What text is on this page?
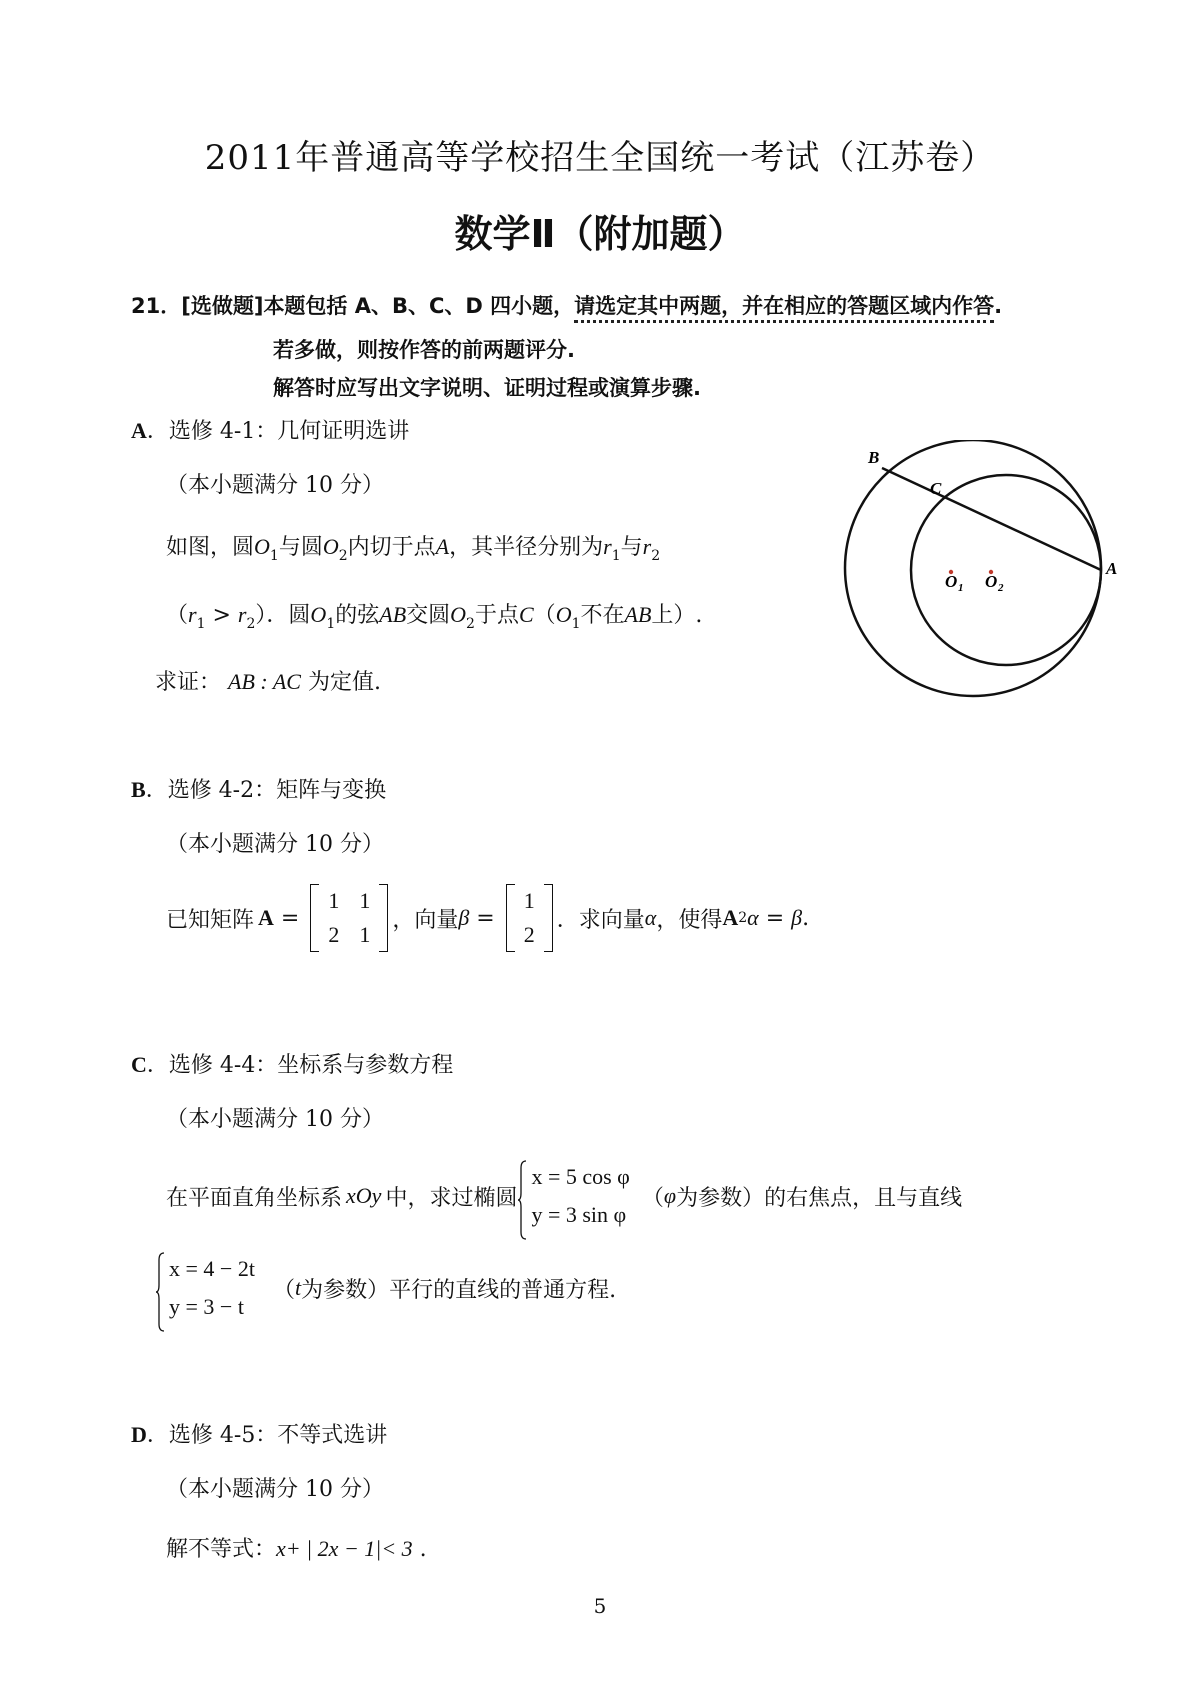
2011年普通高等学校招生全国统一考试（江苏卷）
数学Ⅱ（附加题）
21．[选做题]本题包括 A、B、C、D 四小题，请选定其中两题，并在相应的答题区域内作答.
若多做，则按作答的前两题评分.
解答时应写出文字说明、证明过程或演算步骤.
A．选修 4-1：几何证明选讲
（本小题满分 10 分）
如图，圆$O_1$与圆$O_2$内切于点A，其半径分别为$r_1$与$r_2$
$(r_1 > r_2)$．圆$O_1$的弦AB交圆$O_2$于点$C(O_1$不在AB上）.
求证： AB : AC 为定值.
B
C
A
O 1 O 2
B．选修 4-2：矩阵与变换
（本小题满分 10 分）
已知矩阵 A =
1	1
2	1
，向量 β =
1
2
．求向量 α ，使得 A 2 α = β .
C．选修 4-4：坐标系与参数方程
（本小题满分 10 分）
在平面直角坐标系 xOy 中，求过椭圆
x = 5 cos φ
y = 3 sin φ
（ φ 为参数）的右焦点，且与直线
x = 4 − 2t
y = 3 − t
（ t 为参数）平行的直线的普通方程.
D．选修 4-5：不等式选讲
（本小题满分 10 分）
解不等式：x+ | 2x − 1|< 3 .
5
